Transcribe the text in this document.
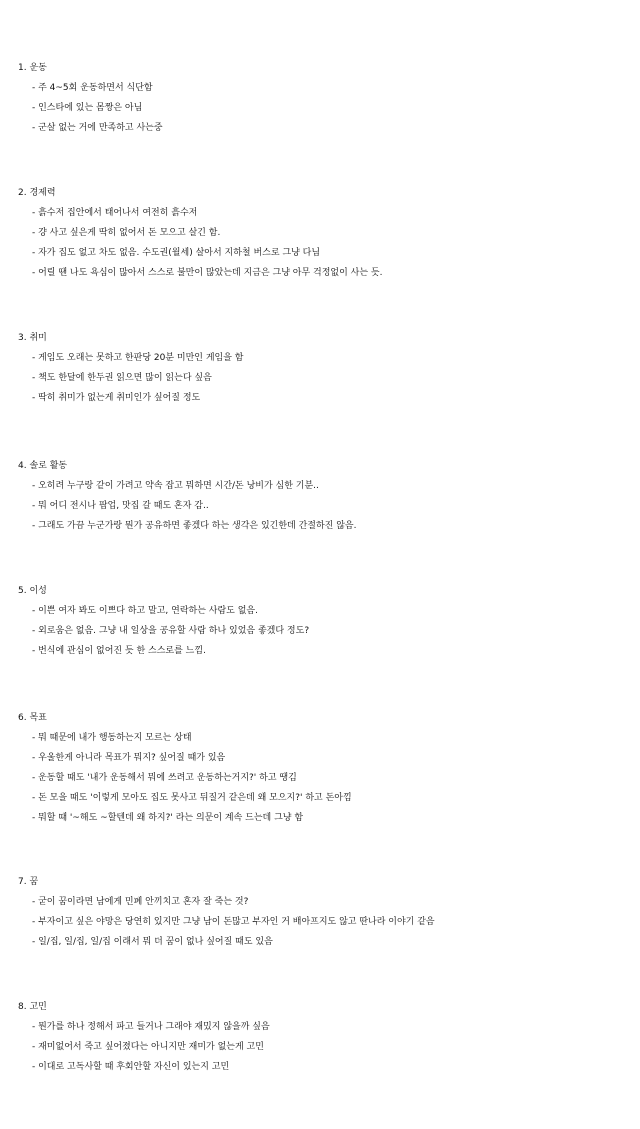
1. 운동

- 주 4~5회 운동하면서 식단함
- 인스타에 있는 몸짱은 아님
- 군살 없는 거에 만족하고 사는중

2. 경제력

- 흙수저 집안에서 태어나서 여전히 흙수저
- 걍 사고 싶은게 딱히 없어서 돈 모으고 살긴 함.
- 자가 집도 없고 차도 없음. 수도권(월세) 살아서 지하철 버스로 그냥 다님
- 어릴 땐 나도 욕심이 많아서 스스로 불만이 많았는데 지금은 그냥 아무 걱정없이 사는 듯.

3. 취미

- 게임도 오래는 못하고 한판당 20분 미만인 게임을 함
- 책도 한달에 한두권 읽으면 많이 읽는다 싶음
- 딱히 취미가 없는게 취미인가 싶어질 정도

4. 솔로 활동

- 오히려 누구랑 같이 가려고 약속 잡고 뭐하면 시간/돈 낭비가 심한 기분..
- 뭐 어디 전시나 팝업, 맛집 갈 때도 혼자 감..
- 그래도 가끔 누군가랑 뭔가 공유하면 좋겠다 하는 생각은 있긴한데 간절하진 않음.

5. 이성

- 이쁜 여자 봐도 이쁘다 하고 말고, 연락하는 사람도 없음.
- 외로움은 없음. 그냥 내 일상을 공유할 사람 하나 있었음 좋겠다 정도?
- 번식에 관심이 없어진 듯 한 스스로를 느낌.

6. 목표

- 뭐 때문에 내가 행동하는지 모르는 상태
- 우울한게 아니라 목표가 뭐지? 싶어질 때가 있음
- 운동할 때도 '내가 운동해서 뭐에 쓰려고 운동하는거지?' 하고 땡김
- 돈 모을 때도 '이렇게 모아도 집도 못사고 뒤질거 같은데 왜 모으지?' 하고 돈아낌
- 뭐할 때 '~해도 ~할텐데 왜 하지?' 라는 의문이 계속 드는데 그냥 함

7. 꿈

- 굳이 꿈이라면 남에게 민폐 안끼치고 혼자 잘 죽는 것?
- 부자이고 싶은 야망은 당연히 있지만 그냥 남이 돈많고 부자인 거 배아프지도 않고 딴나라 이야기 같음
- 일/집, 일/집, 일/집 이래서 뭐 더 꿈이 없나 싶어질 때도 있음

8. 고민

- 뭔가를 하나 정해서 파고 들거나 그래야 재밌지 않을까 싶음
- 재미없어서 죽고 싶어졌다는 아니지만 재미가 없는게 고민
- 이대로 고독사할 때 후회안할 자신이 있는지 고민
